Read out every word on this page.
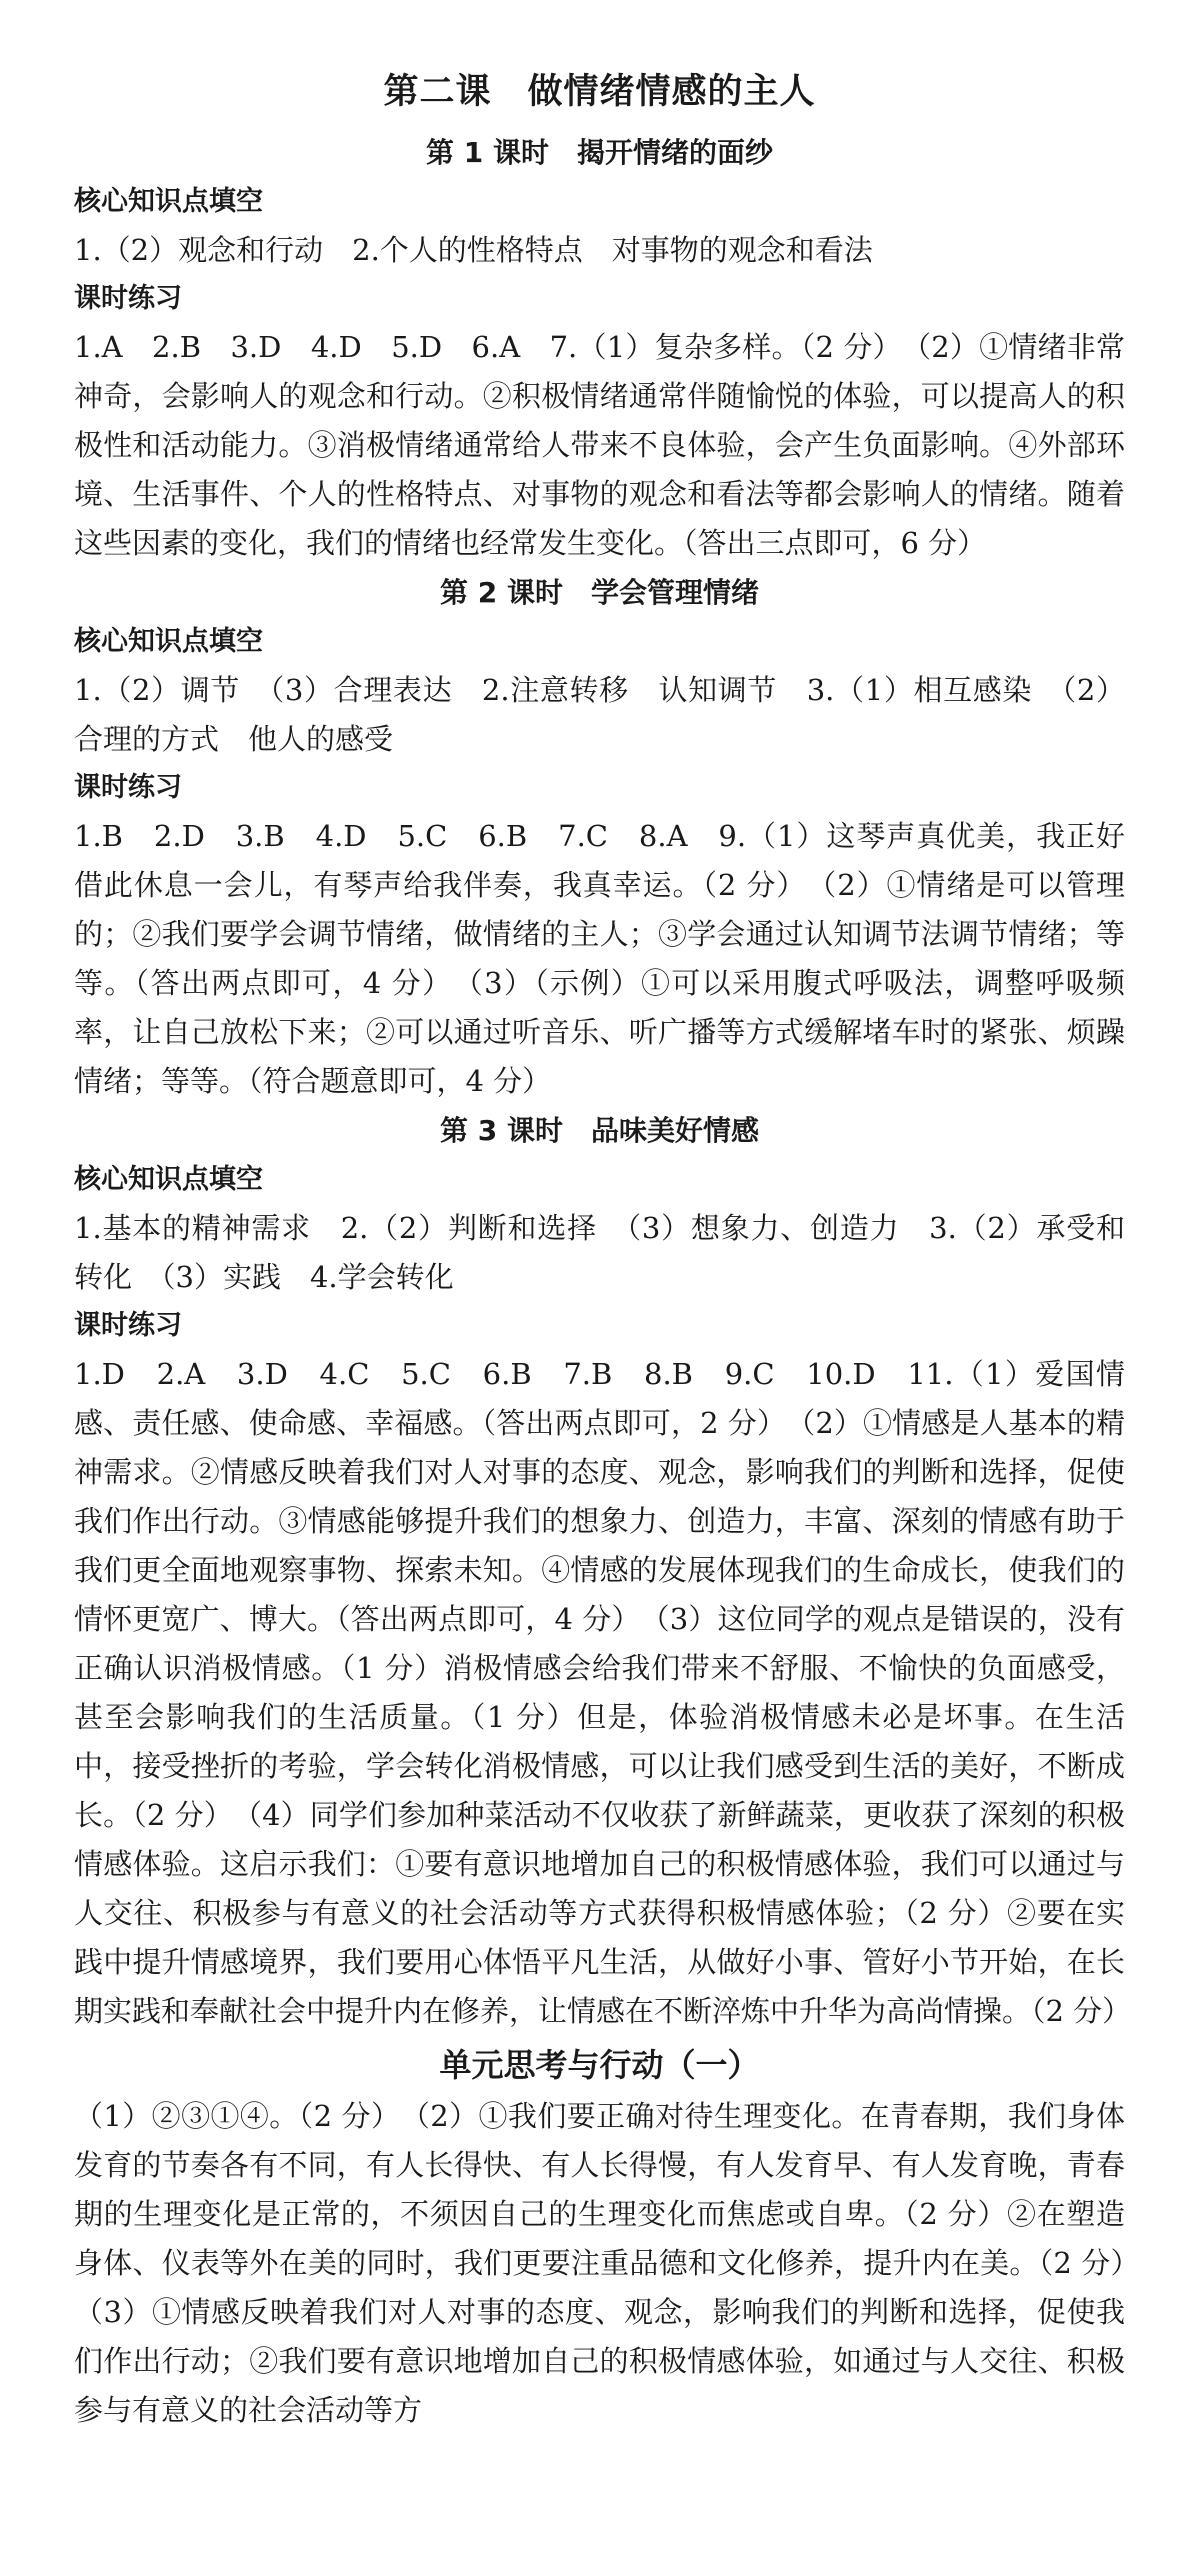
第二课　做情绪情感的主人
第 1 课时　揭开情绪的面纱
核心知识点填空

1.（2）观念和行动　2.个人的性格特点　对事物的观念和看法

课时练习

1.A　2.B　3.D　4.D　5.D　6.A　7.（1）复杂多样。（2 分）　（2）①情绪非常神奇，会影响人的观念和行动。②积极情绪通常伴随愉悦的体验，可以提高人的积极性和活动能力。③消极情绪通常给人带来不良体验，会产生负面影响。④外部环境、生活事件、个人的性格特点、对事物的观念和看法等都会影响人的情绪。随着这些因素的变化，我们的情绪也经常发生变化。（答出三点即可，6 分）

第 2 课时　学会管理情绪
核心知识点填空

1.（2）调节　（3）合理表达　2.注意转移　认知调节　3.（1）相互感染　（2）合理的方式　他人的感受

课时练习

1.B　2.D　3.B　4.D　5.C　6.B　7.C　8.A　9.（1）这琴声真优美，我正好借此休息一会儿，有琴声给我伴奏，我真幸运。（2 分）　（2）①情绪是可以管理的；②我们要学会调节情绪，做情绪的主人；③学会通过认知调节法调节情绪；等等。（答出两点即可，4 分）　（3）（示例）①可以采用腹式呼吸法，调整呼吸频率，让自己放松下来；②可以通过听音乐、听广播等方式缓解堵车时的紧张、烦躁情绪；等等。（符合题意即可，4 分）

第 3 课时　品味美好情感
核心知识点填空

1.基本的精神需求　2.（2）判断和选择　（3）想象力、创造力　3.（2）承受和转化　（3）实践　4.学会转化

课时练习

1.D　2.A　3.D　4.C　5.C　6.B　7.B　8.B　9.C　10.D　11.（1）爱国情感、责任感、使命感、幸福感。（答出两点即可，2 分）　（2）①情感是人基本的精神需求。②情感反映着我们对人对事的态度、观念，影响我们的判断和选择，促使我们作出行动。③情感能够提升我们的想象力、创造力，丰富、深刻的情感有助于我们更全面地观察事物、探索未知。④情感的发展体现我们的生命成长，使我们的情怀更宽广、博大。（答出两点即可，4 分）　（3）这位同学的观点是错误的，没有正确认识消极情感。（1 分）消极情感会给我们带来不舒服、不愉快的负面感受，甚至会影响我们的生活质量。（1 分）但是，体验消极情感未必是坏事。在生活中，接受挫折的考验，学会转化消极情感，可以让我们感受到生活的美好，不断成长。（2 分）　（4）同学们参加种菜活动不仅收获了新鲜蔬菜，更收获了深刻的积极情感体验。这启示我们：①要有意识地增加自己的积极情感体验，我们可以通过与人交往、积极参与有意义的社会活动等方式获得积极情感体验；（2 分）②要在实践中提升情感境界，我们要用心体悟平凡生活，从做好小事、管好小节开始，在长期实践和奉献社会中提升内在修养，让情感在不断淬炼中升华为高尚情操。（2 分）

单元思考与行动（一）

（1）②③①④。（2 分）　（2）①我们要正确对待生理变化。在青春期，我们身体发育的节奏各有不同，有人长得快、有人长得慢，有人发育早、有人发育晚，青春期的生理变化是正常的，不须因自己的生理变化而焦虑或自卑。（2 分）②在塑造身体、仪表等外在美的同时，我们更要注重品德和文化修养，提升内在美。（2 分）　（3）①情感反映着我们对人对事的态度、观念，影响我们的判断和选择，促使我们作出行动；②我们要有意识地增加自己的积极情感体验，如通过与人交往、积极参与有意义的社会活动等方
